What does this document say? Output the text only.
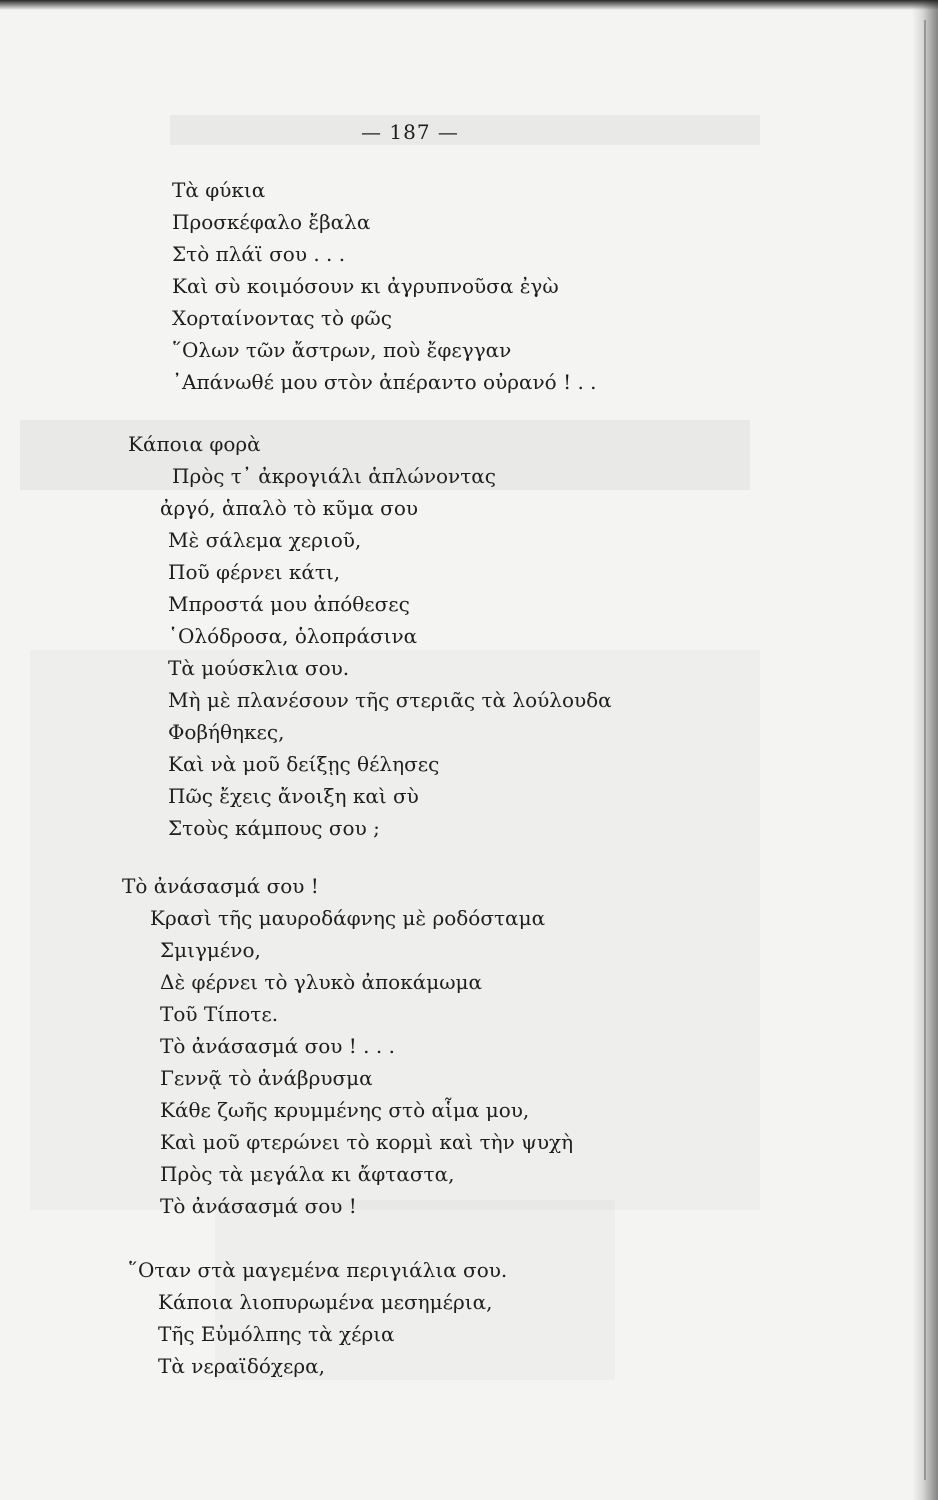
— 187 —
Τὰ φύκια
Προσκέφαλο ἔβαλα
Στὸ πλάϊ σου . . .
Καὶ σὺ κοιμόσουν κι ἀγρυπνοῦσα ἐγὼ
Χορταίνοντας τὸ φῶς
῞Ολων τῶν ἄστρων, ποὺ ἔφεγγαν
᾿Απάνωθέ μου στὸν ἀπέραντο οὐρανό ! . .
Κάποια φορὰ
Πρὸς τ᾿ ἀκρογιάλι ἁπλώνοντας
ἀργό, ἁπαλὸ τὸ κῦμα σου
Μὲ σάλεμα χεριοῦ,
Ποῦ φέρνει κάτι,
Μπροστά μου ἀπόθεσες
῾Ολόδροσα, ὁλοπράσινα
Τὰ μούσκλια σου.
Μὴ μὲ πλανέσουν τῆς στεριᾶς τὰ λούλουδα
Φοβήθηκες,
Καὶ νὰ μοῦ δείξῃς θέλησες
Πῶς ἔχεις ἄνοιξη καὶ σὺ
Στοὺς κάμπους σου ;
Τὸ ἀνάσασμά σου !
Κρασὶ τῆς μαυροδάφνης μὲ ροδόσταμα
Σμιγμένο,
Δὲ φέρνει τὸ γλυκὸ ἀποκάμωμα
Τοῦ Τίποτε.
Τὸ ἀνάσασμά σου ! . . .
Γεννᾷ τὸ ἀνάβρυσμα
Κάθε ζωῆς κρυμμένης στὸ αἷμα μου,
Καὶ μοῦ φτερώνει τὸ κορμὶ καὶ τὴν ψυχὴ
Πρὸς τὰ μεγάλα κι ἄφταστα,
Τὸ ἀνάσασμά σου !
῞Οταν στὰ μαγεμένα περιγιάλια σου.
Κάποια λιοπυρωμένα μεσημέρια,
Τῆς Εὐμόλπης τὰ χέρια
Τὰ νεραϊδόχερα,
